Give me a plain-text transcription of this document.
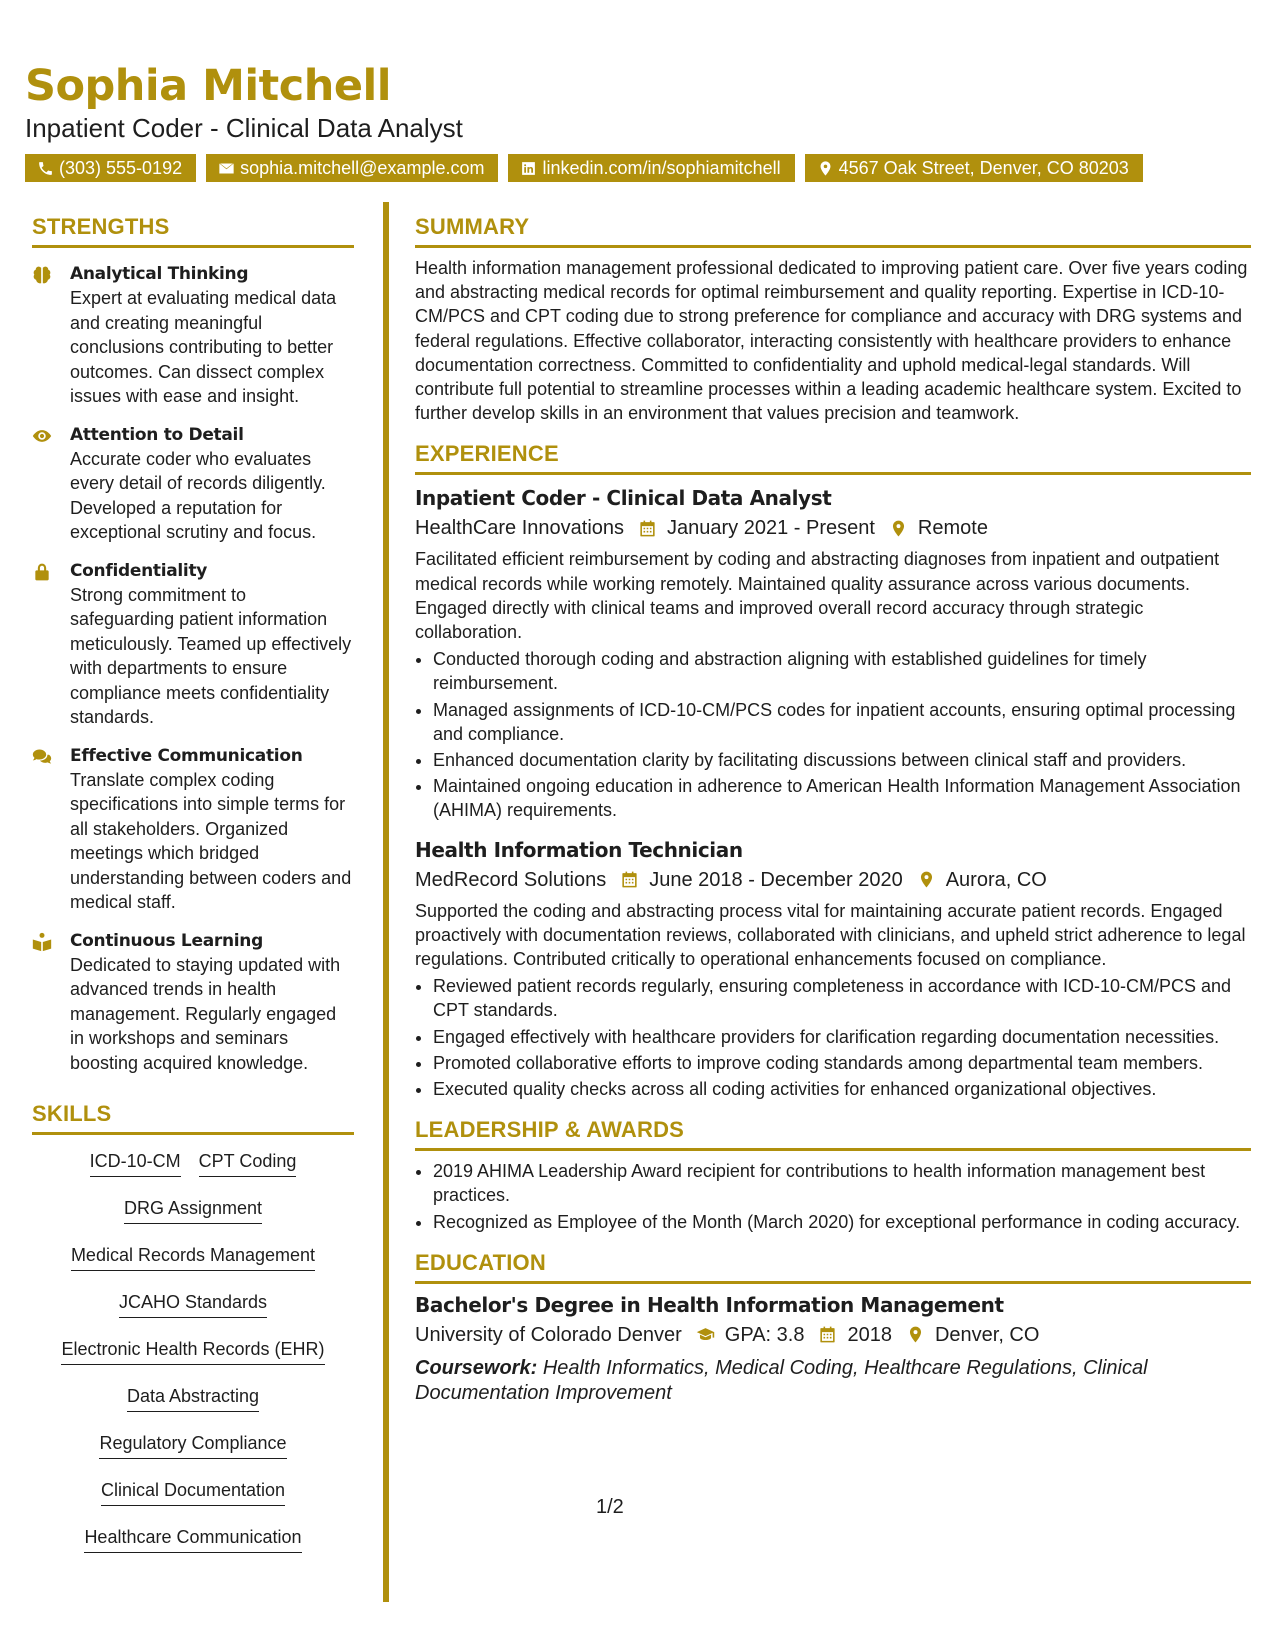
Sophia Mitchell
Inpatient Coder - Clinical Data Analyst
(303) 555-0192	sophia.mitchell@example.com	linkedin.com/in/sophiamitchell	4567 Oak Street, Denver, CO 80203
STRENGTHS
Analytical Thinking
Expert at evaluating medical data and creating meaningful conclusions contributing to better outcomes. Can dissect complex issues with ease and insight.
Attention to Detail
Accurate coder who evaluates every detail of records diligently. Developed a reputation for exceptional scrutiny and focus.
Confidentiality
Strong commitment to safeguarding patient information meticulously. Teamed up effectively with departments to ensure compliance meets confidentiality standards.
Effective Communication
Translate complex coding specifications into simple terms for all stakeholders. Organized meetings which bridged understanding between coders and medical staff.
Continuous Learning
Dedicated to staying updated with advanced trends in health management. Regularly engaged in workshops and seminars boosting acquired knowledge.
SKILLS
ICD-10-CM CPT Coding
DRG Assignment
Medical Records Management
JCAHO Standards
Electronic Health Records (EHR)
Data Abstracting
Regulatory Compliance
Clinical Documentation
Healthcare Communication
SUMMARY
Health information management professional dedicated to improving patient care. Over five years coding and abstracting medical records for optimal reimbursement and quality reporting. Expertise in ICD-10-CM/PCS and CPT coding due to strong preference for compliance and accuracy with DRG systems and federal regulations. Effective collaborator, interacting consistently with healthcare providers to enhance documentation correctness. Committed to confidentiality and uphold medical-legal standards. Will contribute full potential to streamline processes within a leading academic healthcare system. Excited to further develop skills in an environment that values precision and teamwork.
EXPERIENCE
Inpatient Coder - Clinical Data Analyst
HealthCare Innovations January 2021 - Present Remote
Facilitated efficient reimbursement by coding and abstracting diagnoses from inpatient and outpatient medical records while working remotely. Maintained quality assurance across various documents. Engaged directly with clinical teams and improved overall record accuracy through strategic collaboration.
• Conducted thorough coding and abstraction aligning with established guidelines for timely reimbursement.
• Managed assignments of ICD-10-CM/PCS codes for inpatient accounts, ensuring optimal processing and compliance.
• Enhanced documentation clarity by facilitating discussions between clinical staff and providers.
• Maintained ongoing education in adherence to American Health Information Management Association (AHIMA) requirements.
Health Information Technician
MedRecord Solutions June 2018 - December 2020 Aurora, CO
Supported the coding and abstracting process vital for maintaining accurate patient records. Engaged proactively with documentation reviews, collaborated with clinicians, and upheld strict adherence to legal regulations. Contributed critically to operational enhancements focused on compliance.
• Reviewed patient records regularly, ensuring completeness in accordance with ICD-10-CM/PCS and CPT standards.
• Engaged effectively with healthcare providers for clarification regarding documentation necessities.
• Promoted collaborative efforts to improve coding standards among departmental team members.
• Executed quality checks across all coding activities for enhanced organizational objectives.
LEADERSHIP & AWARDS
• 2019 AHIMA Leadership Award recipient for contributions to health information management best practices.
• Recognized as Employee of the Month (March 2020) for exceptional performance in coding accuracy.
EDUCATION
Bachelor's Degree in Health Information Management
University of Colorado Denver GPA: 3.8 2018 Denver, CO
Coursework: Health Informatics, Medical Coding, Healthcare Regulations, Clinical Documentation Improvement
1/2
